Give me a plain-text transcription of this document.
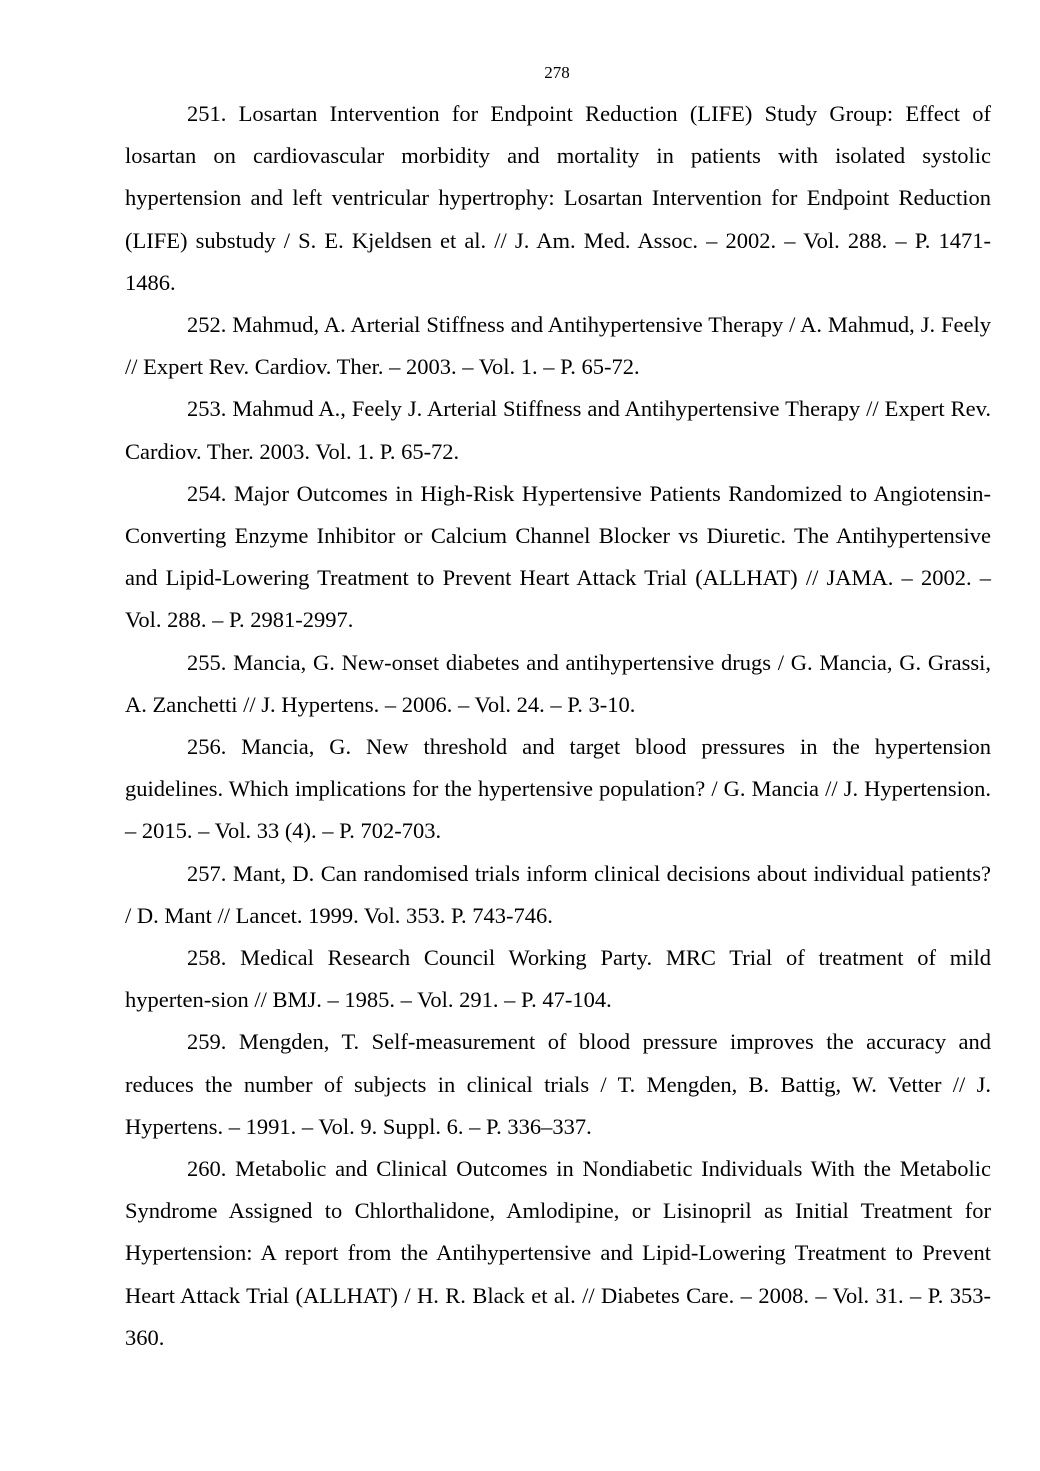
278

251. Losartan Intervention for Endpoint Reduction (LIFE) Study Group: Effect of losartan on cardiovascular morbidity and mortality in patients with isolated systolic hypertension and left ventricular hypertrophy: Losartan Intervention for Endpoint Reduction (LIFE) substudy / S. E. Kjeldsen et al. // J. Am. Med. Assoc. – 2002. – Vol. 288. – P. 1471-1486.

252. Mahmud, A. Arterial Stiffness and Antihypertensive Therapy / A. Mahmud, J. Feely // Expert Rev. Cardiov. Ther. – 2003. – Vol. 1. – P. 65-72.

253. Mahmud A., Feely J. Arterial Stiffness and Antihypertensive Therapy // Expert Rev. Cardiov. Ther. 2003. Vol. 1. P. 65-72.

254. Major Outcomes in High-Risk Hypertensive Patients Randomized to Angiotensin-Converting Enzyme Inhibitor or Calcium Channel Blocker vs Diuretic. The Antihypertensive and Lipid-Lowering Treatment to Prevent Heart Attack Trial (ALLHAT) // JAMA. – 2002. – Vol. 288. – P. 2981-2997.

255. Mancia, G. New-onset diabetes and antihypertensive drugs / G. Mancia, G. Grassi, A. Zanchetti // J. Hypertens. – 2006. – Vol. 24. – P. 3-10.

256. Mancia, G. New threshold and target blood pressures in the hypertension guidelines. Which implications for the hypertensive population? / G. Mancia // J. Hypertension. – 2015. – Vol. 33 (4). – P. 702-703.

257. Mant, D. Can randomised trials inform clinical decisions about individual patients? / D. Mant // Lancet. 1999. Vol. 353. P. 743-746.

258. Medical Research Council Working Party. MRC Trial of treatment of mild hyperten-sion // BMJ. – 1985. – Vol. 291. – P. 47-104.

259. Mengden, T. Self-measurement of blood pressure improves the accuracy and reduces the number of subjects in clinical trials / T. Mengden, B. Battig, W. Vetter // J. Hypertens. – 1991. – Vol. 9. Suppl. 6. – P. 336–337.

260. Metabolic and Clinical Outcomes in Nondiabetic Individuals With the Metabolic Syndrome Assigned to Chlorthalidone, Amlodipine, or Lisinopril as Initial Treatment for Hypertension: A report from the Antihypertensive and Lipid-Lowering Treatment to Prevent Heart Attack Trial (ALLHAT) / H. R. Black et al. // Diabetes Care. – 2008. – Vol. 31. – P. 353-360.
